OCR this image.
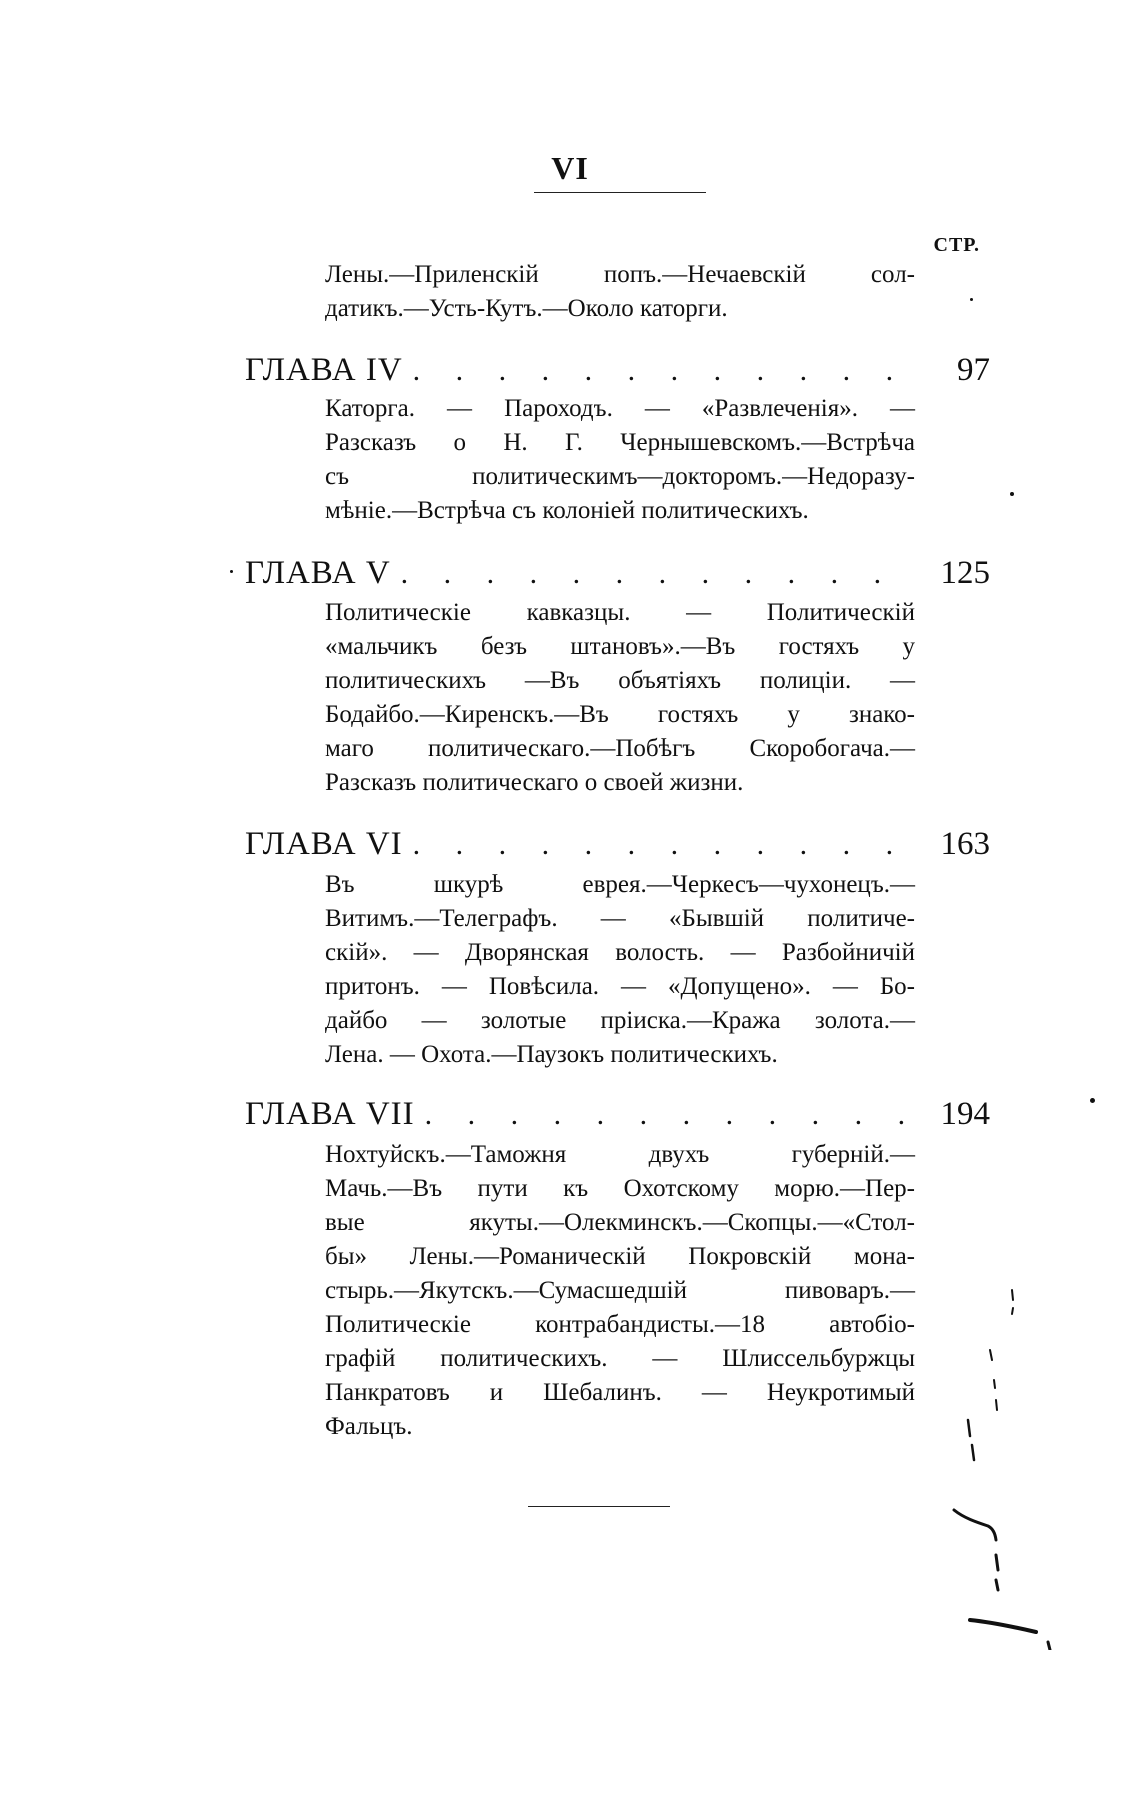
VI
СТР.
Лены.—Приленскій попъ.—Нечаевскій сол-
датикъ.—Усть-Кутъ.—Около каторги.
ГЛАВА IV . . . . . . . . . . . .	97
Каторга. — Пароходъ. — «Развлеченія». —
Разсказъ о Н. Г. Чернышевскомъ.—Встрѣча
съ политическимъ—докторомъ.—Недоразу-
мѣніе.—Встрѣча съ колоніей политическихъ.
ГЛАВА V . . . . . . . . . . . .	125
Политическіе кавказцы. — Политическій
«мальчикъ безъ штановъ».—Въ гостяхъ у
политическихъ —Въ объятіяхъ полиціи. —
Бодайбо.—Киренскъ.—Въ гостяхъ у знако-
маго политическаго.—Побѣгъ Скоробогача.—
Разсказъ политическаго о своей жизни.
ГЛАВА VI . . . . . . . . . . . .	163
Въ шкурѣ еврея.—Черкесъ—чухонецъ.—
Витимъ.—Телеграфъ. — «Бывшій политиче-
скій». — Дворянская волость. — Разбойничій
притонъ. — Повѣсила. — «Допущено». — Бо-
дайбо — золотые пріиска.—Кража золота.—
Лена. — Охота.—Паузокъ политическихъ.
ГЛАВА VII . . . . . . . . . . . . 194
Нохтуйскъ.—Таможня двухъ губерній.—
Мачь.—Въ пути къ Охотскому морю.—Пер-
вые якуты.—Олекминскъ.—Скопцы.—«Стол-
бы» Лены.—Романическій Покровскій мона-
стырь.—Якутскъ.—Сумасшедшій пивоваръ.—
Политическіе контрабандисты.—18 автобіо-
графій политическихъ. — Шлиссельбуржцы
Панкратовъ и Шебалинъ. — Неукротимый
Фальцъ.
